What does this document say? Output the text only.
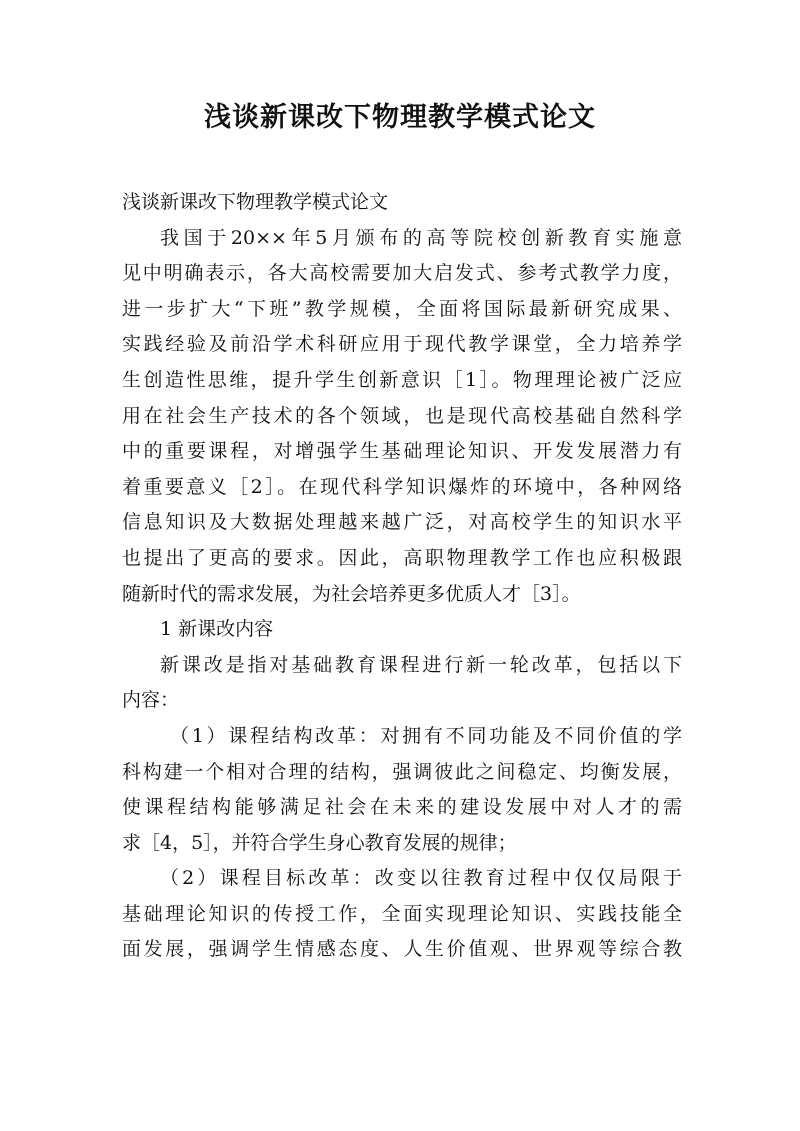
浅谈新课改下物理教学模式论文
浅谈新课改下物理教学模式论文
我国于20××年5月颁布的高等院校创新教育实施意
见中明确表示，各大高校需要加大启发式、参考式教学力度，
进一步扩大“下班”教学规模，全面将国际最新研究成果、
实践经验及前沿学术科研应用于现代教学课堂，全力培养学
生创造性思维，提升学生创新意识［1］。物理理论被广泛应
用在社会生产技术的各个领域，也是现代高校基础自然科学
中的重要课程，对增强学生基础理论知识、开发发展潜力有
着重要意义［2］。在现代科学知识爆炸的环境中，各种网络
信息知识及大数据处理越来越广泛，对高校学生的知识水平
也提出了更高的要求。因此，高职物理教学工作也应积极跟
随新时代的需求发展，为社会培养更多优质人才［3］。
1 新课改内容
新课改是指对基础教育课程进行新一轮改革，包括以下
内容：
（1）课程结构改革：对拥有不同功能及不同价值的学
科构建一个相对合理的结构，强调彼此之间稳定、均衡发展，
使课程结构能够满足社会在未来的建设发展中对人才的需
求［4，5］，并符合学生身心教育发展的规律；
（2）课程目标改革：改变以往教育过程中仅仅局限于
基础理论知识的传授工作，全面实现理论知识、实践技能全
面发展，强调学生情感态度、人生价值观、世界观等综合教
